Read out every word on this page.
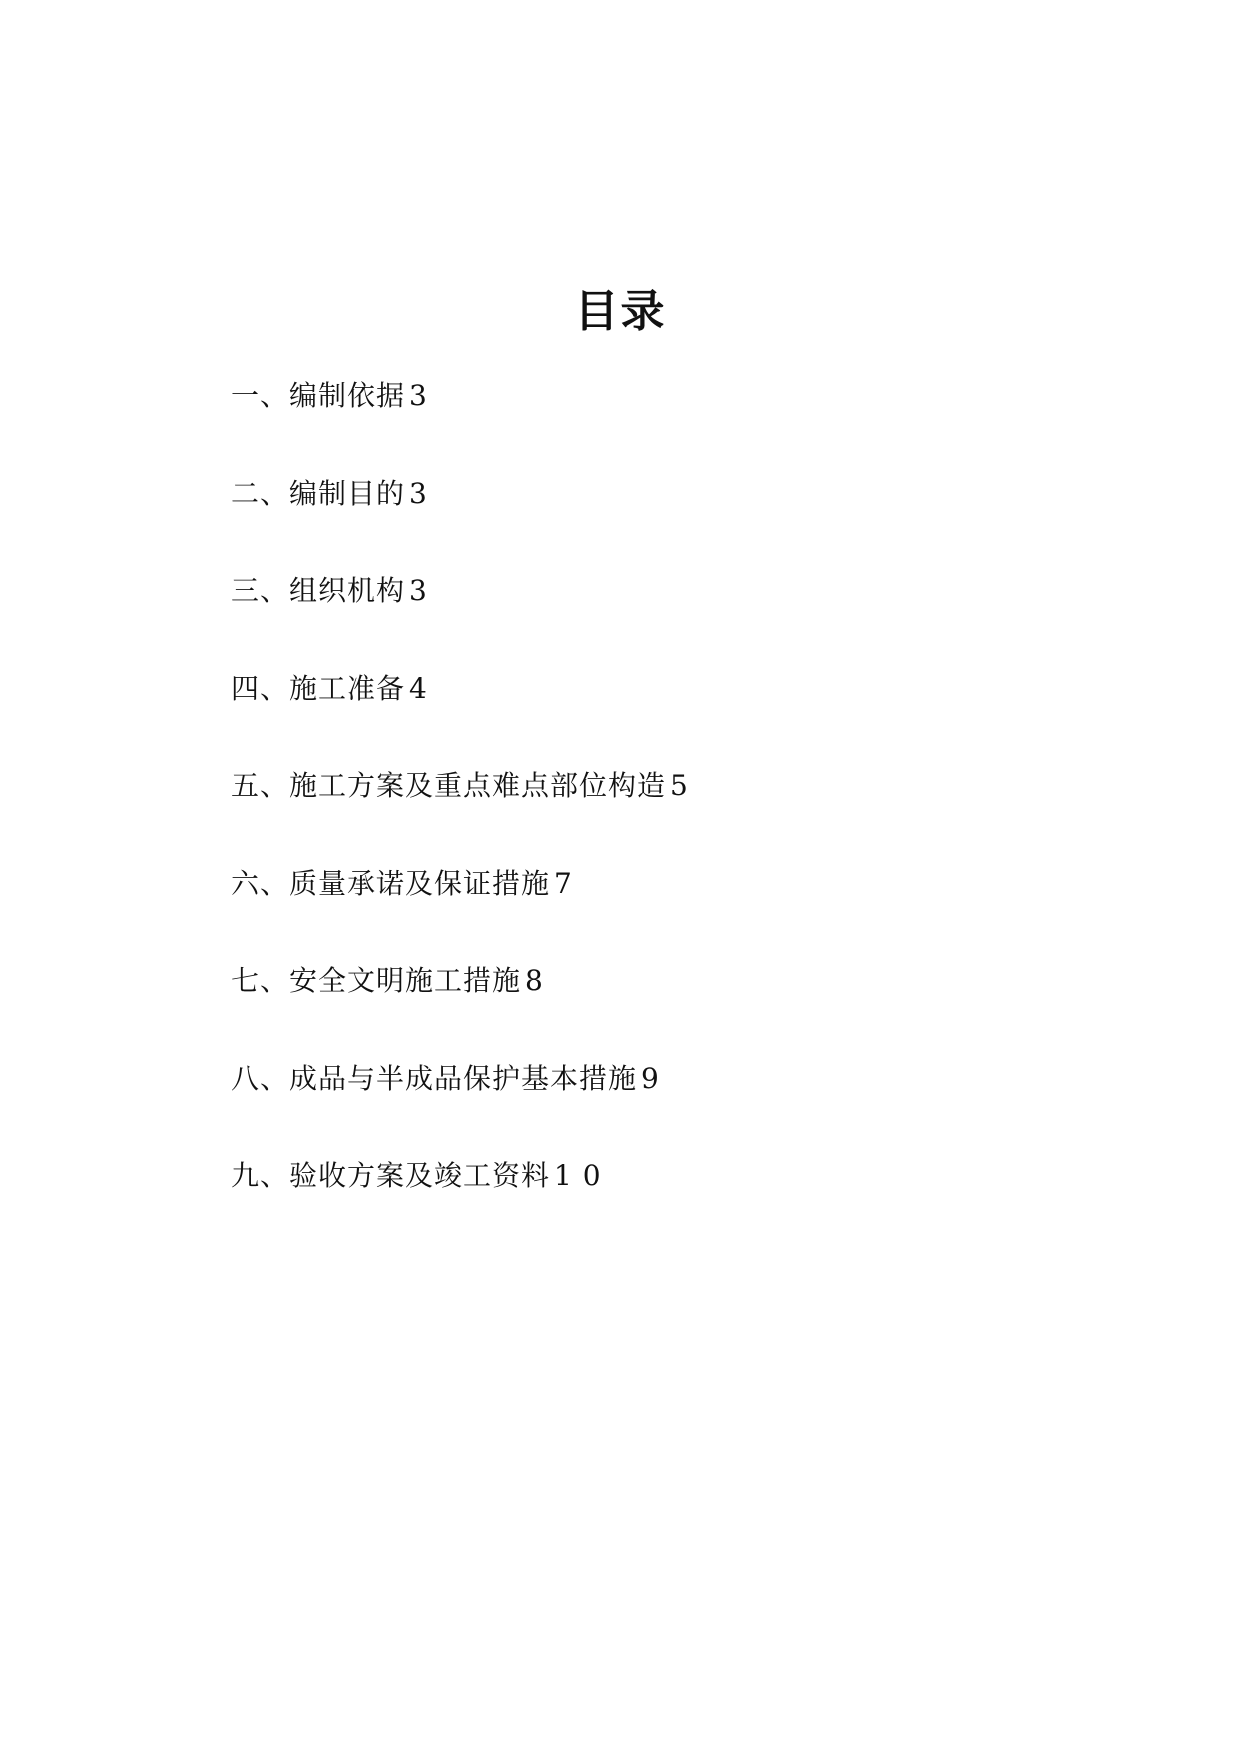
目录
一、编制依据 3
二、编制目的 3
三、组织机构 3
四、施工准备 4
五、施工方案及重点难点部位构造 5
六、质量承诺及保证措施 7
七、安全文明施工措施 8
八、成品与半成品保护基本措施 9
九、验收方案及竣工资料 1 0
